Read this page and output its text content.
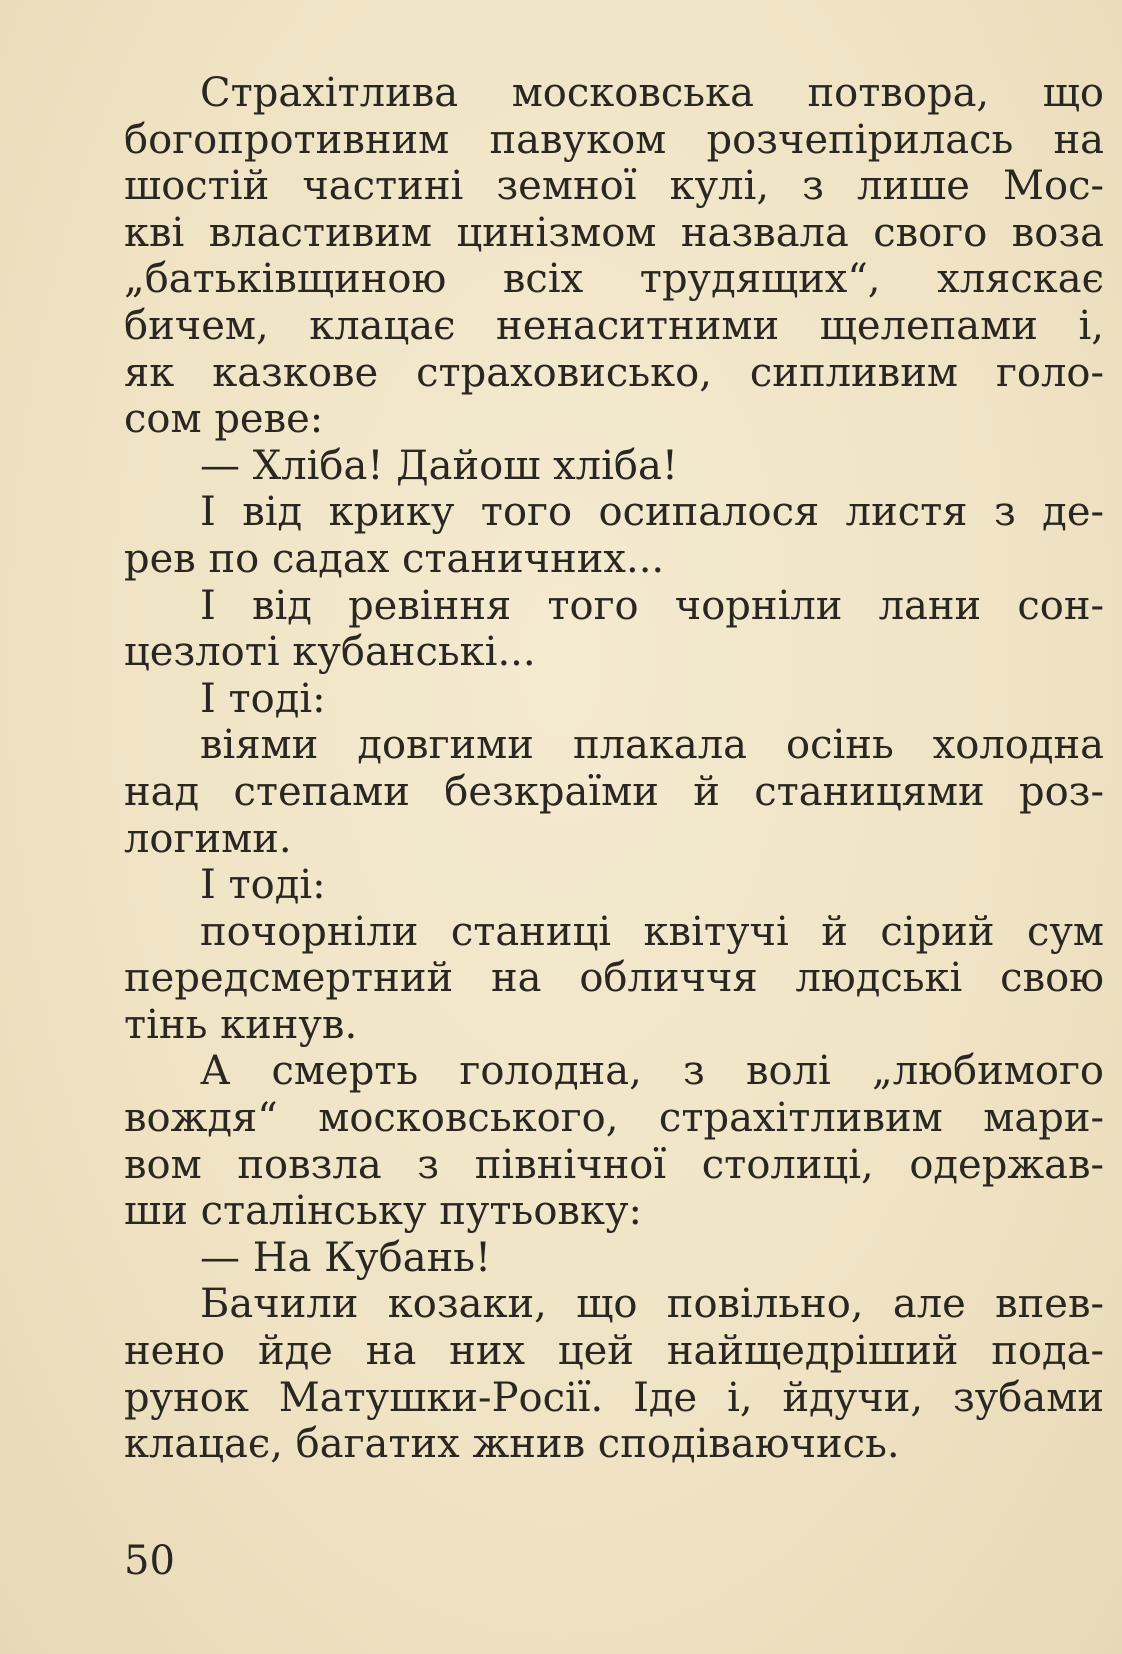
Страхітлива московська потвора, що
богопротивним павуком розчепірилась на
шостій частині земної кулі, з лише Мос-
кві властивим цинізмом назвала свого воза
„батьківщиною всіх трудящих“, хляскає
бичем, клацає ненаситними щелепами і,
як казкове страховисько, сипливим голо-
сом реве:
— Хліба! Дайош хліба!
І від крику того осипалося листя з де-
рев по садах станичних...
І від ревіння того чорніли лани сон-
цезлоті кубанські...
І тоді:
віями довгими плакала осінь холодна
над степами безкраїми й станицями роз-
логими.
І тоді:
почорніли станиці квітучі й сірий сум
передсмертний на обличчя людські свою
тінь кинув.
А смерть голодна, з волі „любимого
вождя“ московського, страхітливим мари-
вом повзла з північної столиці, одержав-
ши сталінську путьовку:
— На Кубань!
Бачили козаки, що повільно, але впев-
нено йде на них цей найщедріший пода-
рунок Матушки-Росії. Іде і, йдучи, зубами
клацає, багатих жнив сподіваючись.
50
